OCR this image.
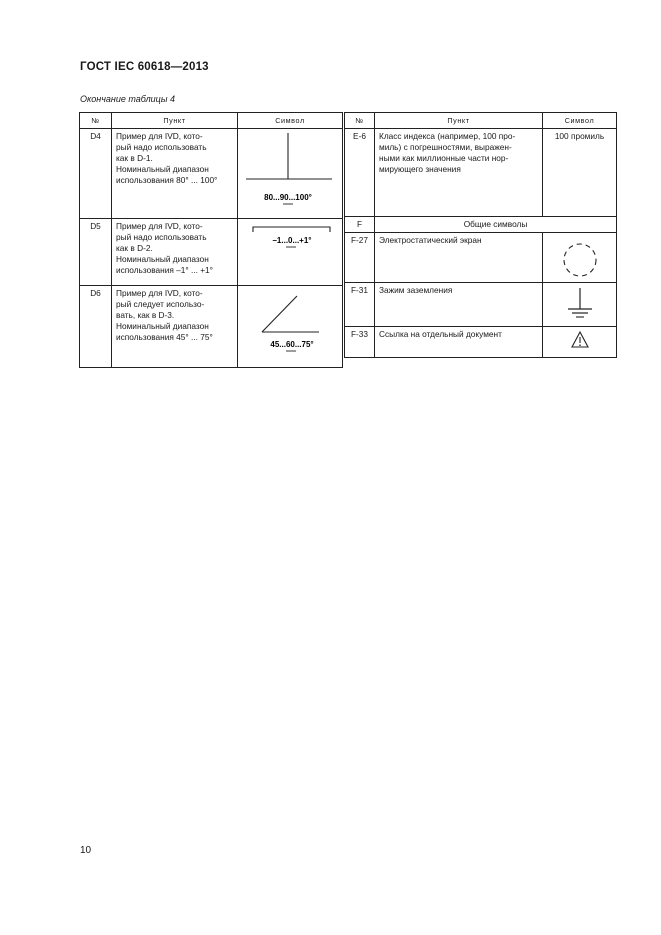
ГОСТ IEC 60618—2013
Окончание таблицы 4
№	Пункт	Символ
D4	Пример для IVD, кото-
рый надо использовать
как в D-1.
Номинальный диапазон
использования 80° ... 100°	80...90...100°

D5	Пример для IVD, кото-
рый надо использовать
как в D-2.
Номинальный диапазон
использования –1° ... +1°	–1...0...+1°

D6	Пример для IVD, кото-
рый следует использо-
вать, как в D-3.
Номинальный диапазон
использования 45° ... 75°	45...60...75°
№	Пункт	Символ
E-6	Класс индекса (например, 100 про-
миль) с погрешностями, выражен-
ными как миллионные части нор-
мирующего значения	100 промиль
F	Общие символы	
F-27	Электростатический экран	
F-31	Зажим заземления	
F-33	Ссылка на отдельный документ	
10
